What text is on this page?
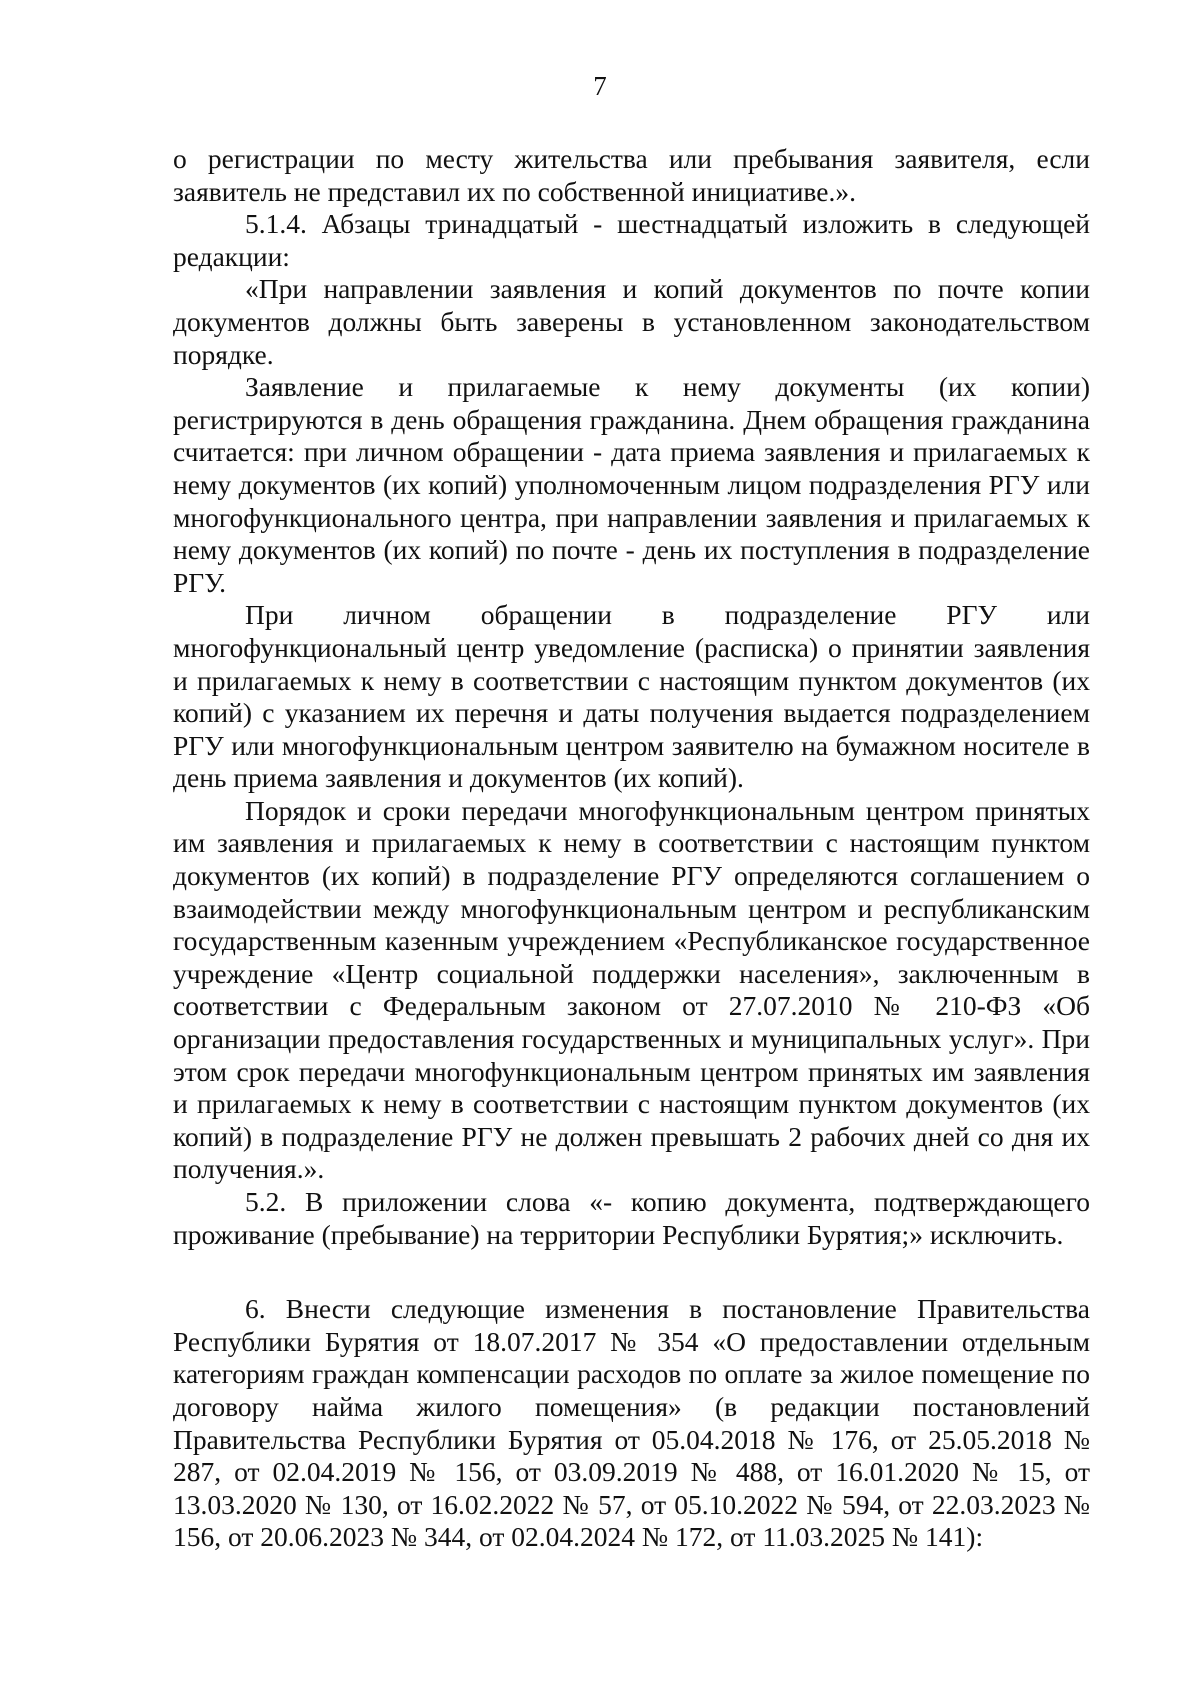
7

о регистрации по месту жительства или пребывания заявителя, если заявитель не представил их по собственной инициативе.».

5.1.4. Абзацы тринадцатый - шестнадцатый изложить в следующей редакции:

«При направлении заявления и копий документов по почте копии документов должны быть заверены в установленном законодательством порядке.

Заявление и прилагаемые к нему документы (их копии) регистрируются в день обращения гражданина. Днем обращения гражданина считается: при личном обращении - дата приема заявления и прилагаемых к нему документов (их копий) уполномоченным лицом подразделения РГУ или многофункционального центра, при направлении заявления и прилагаемых к нему документов (их копий) по почте - день их поступления в подразделение РГУ.

При личном обращении в подразделение РГУ или многофункциональный центр уведомление (расписка) о принятии заявления и прилагаемых к нему в соответствии с настоящим пунктом документов (их копий) с указанием их перечня и даты получения выдается подразделением РГУ или многофункциональным центром заявителю на бумажном носителе в день приема заявления и документов (их копий).

Порядок и сроки передачи многофункциональным центром принятых им заявления и прилагаемых к нему в соответствии с настоящим пунктом документов (их копий) в подразделение РГУ определяются соглашением о взаимодействии между многофункциональным центром и республиканским государственным казенным учреждением «Республиканское государственное учреждение «Центр социальной поддержки населения», заключенным в соответствии с Федеральным законом от 27.07.2010 № 210-ФЗ «Об организации предоставления государственных и муниципальных услуг». При этом срок передачи многофункциональным центром принятых им заявления и прилагаемых к нему в соответствии с настоящим пунктом документов (их копий) в подразделение РГУ не должен превышать 2 рабочих дней со дня их получения.».

5.2. В приложении слова «- копию документа, подтверждающего проживание (пребывание) на территории Республики Бурятия;» исключить.

6. Внести следующие изменения в постановление Правительства Республики Бурятия от 18.07.2017 № 354 «О предоставлении отдельным категориям граждан компенсации расходов по оплате за жилое помещение по договору найма жилого помещения» (в редакции постановлений Правительства Республики Бурятия от 05.04.2018 № 176, от 25.05.2018 № 287, от 02.04.2019 № 156, от 03.09.2019 № 488, от 16.01.2020 № 15, от 13.03.2020 № 130, от 16.02.2022 № 57, от 05.10.2022 № 594, от 22.03.2023 № 156, от 20.06.2023 № 344, от 02.04.2024 № 172, от 11.03.2025 № 141):
